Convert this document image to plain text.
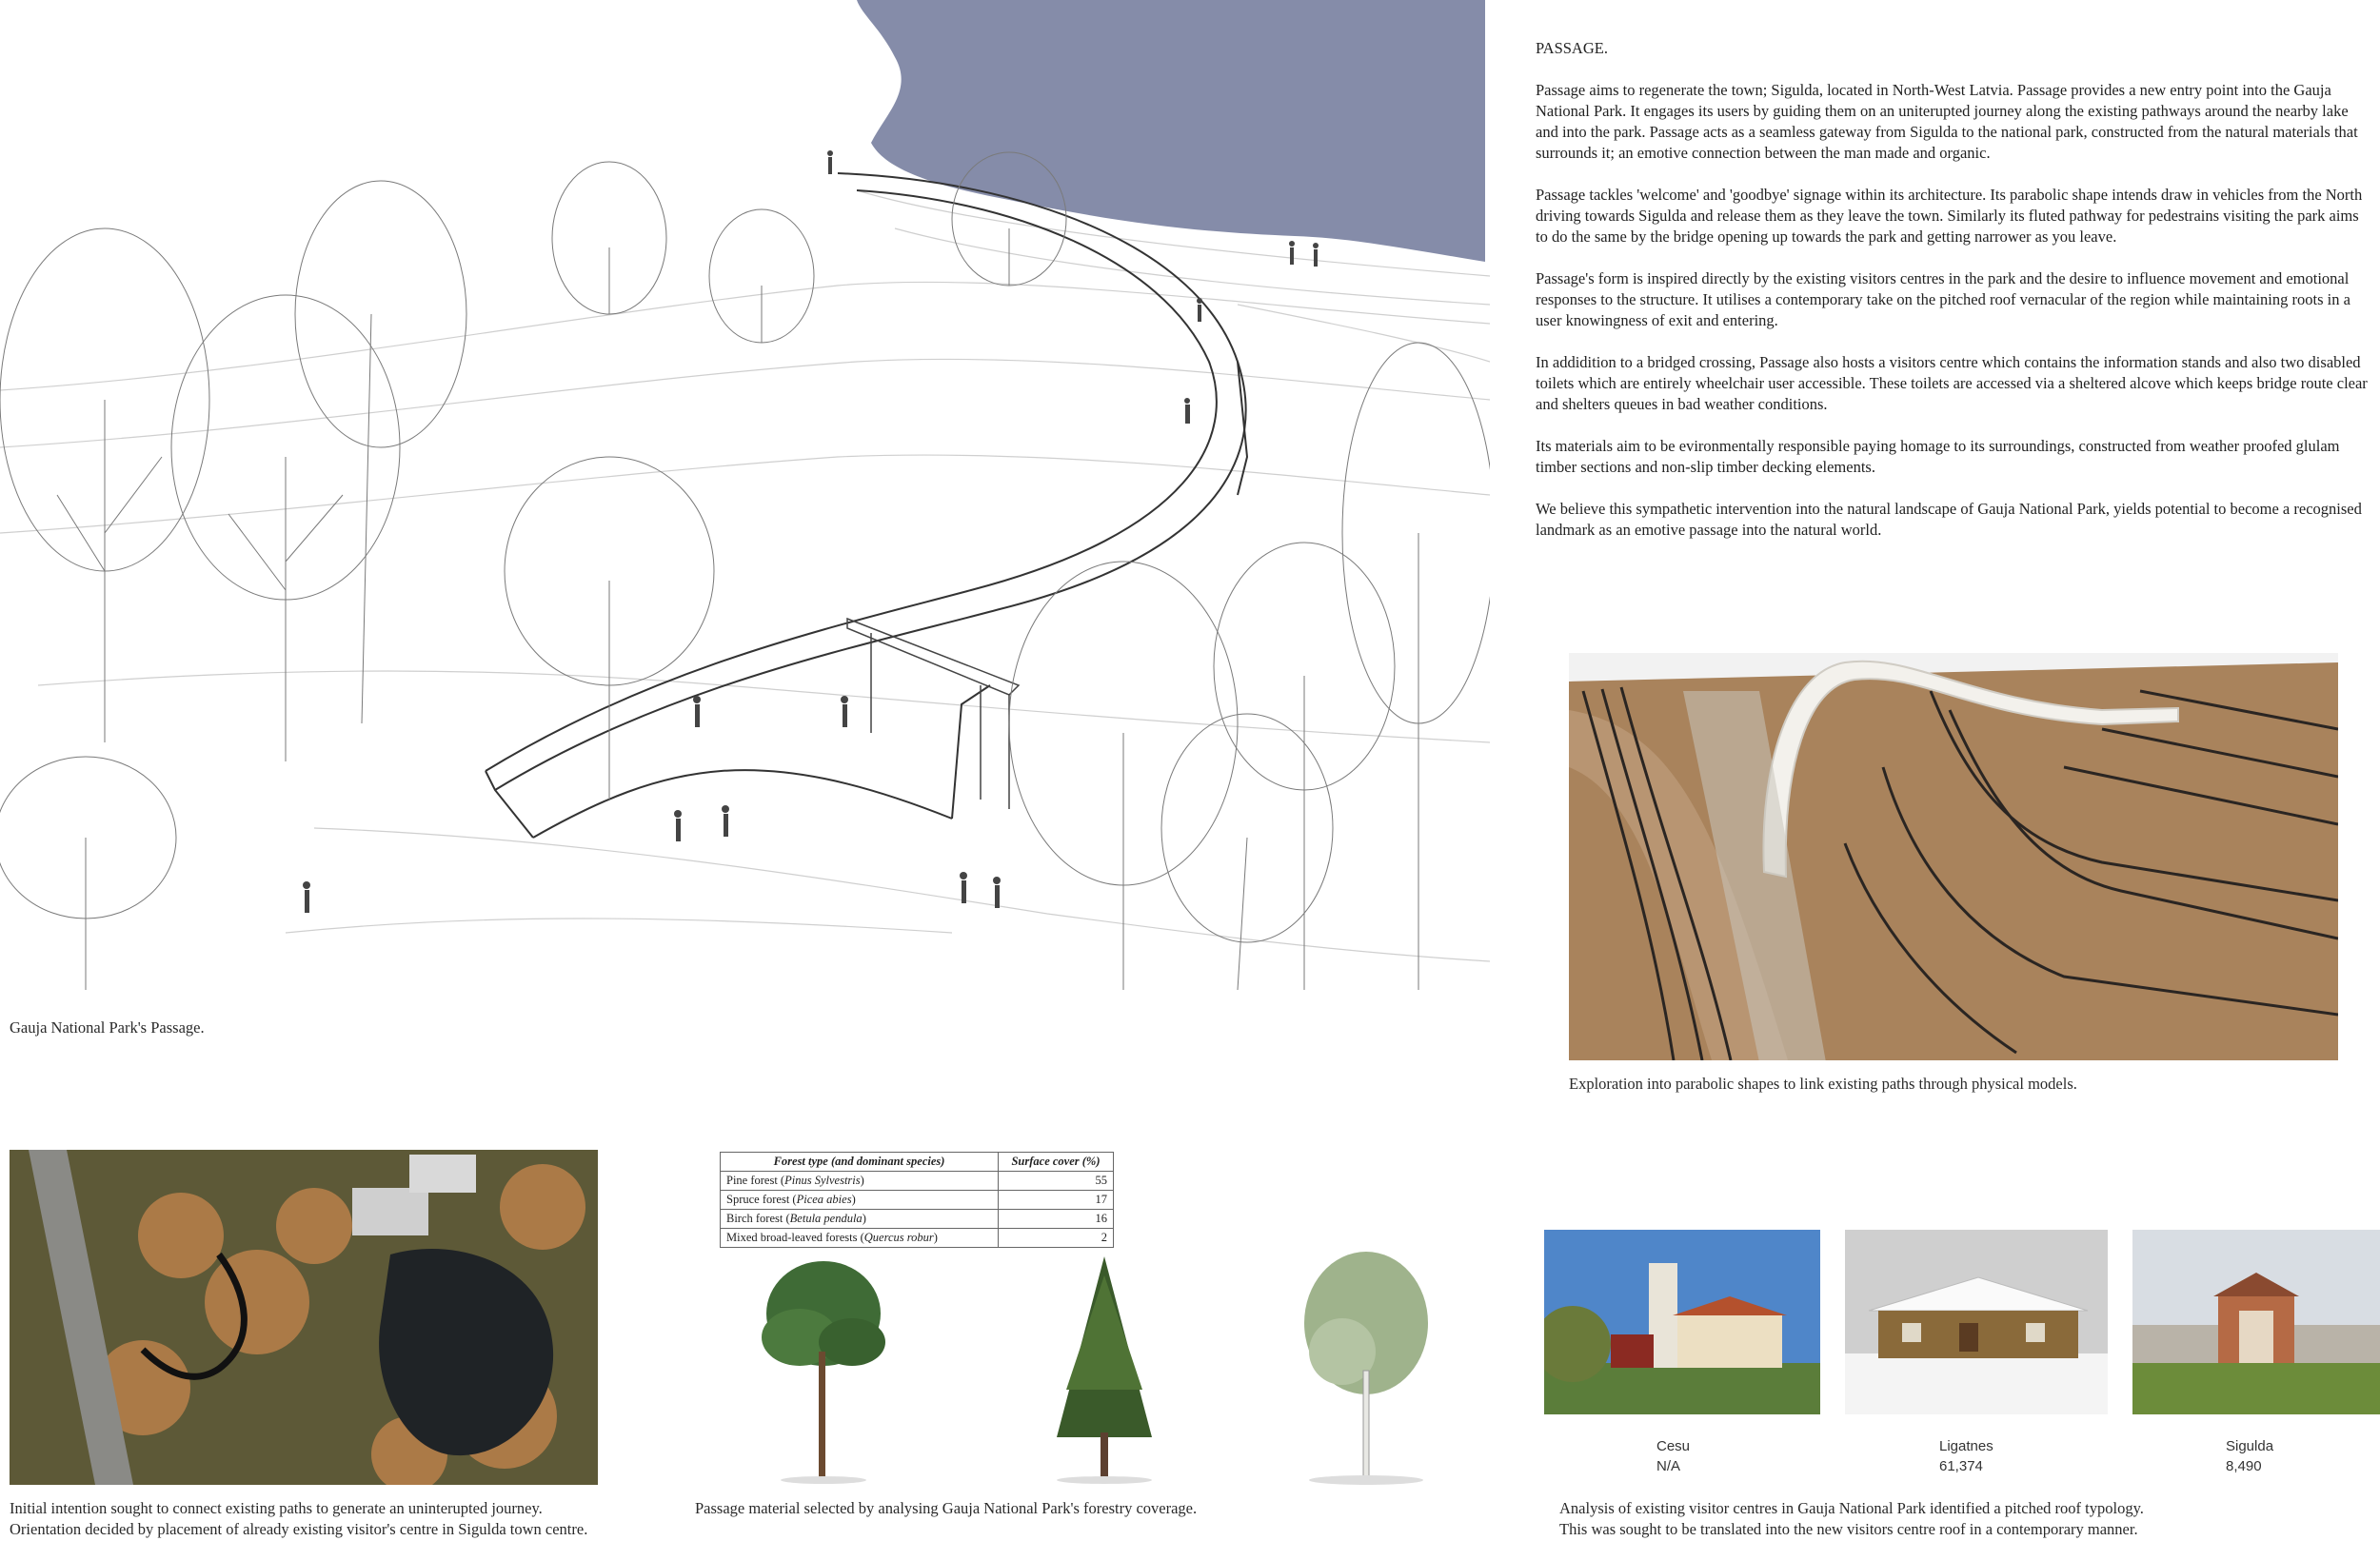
Gauja National Park's Passage.

PASSAGE.

Passage aims to regenerate the town; Sigulda, located in North-West Latvia. Passage provides a new entry point into the Gauja National Park. It engages its users by guiding them on an uniterupted journey along the existing pathways around the nearby lake and into the park. Passage acts as a seamless gateway from Sigulda to the national park, constructed from the natural materials that surrounds it; an emotive connection between the man made and organic.

Passage tackles 'welcome' and 'goodbye' signage within its architecture. Its parabolic shape intends draw in vehicles from the North driving towards Sigulda and release them as they leave the town. Similarly its fluted pathway for pedestrains visiting the park aims to do the same by the bridge opening up towards the park and getting narrower as you leave.

Passage's form is inspired directly by the existing visitors centres in the park and the desire to influence movement and emotional responses to the structure. It utilises a contemporary take on the pitched roof vernacular of the region while maintaining roots in a user knowingness of exit and entering.

In addidition to a bridged crossing, Passage also hosts a visitors centre which contains the information stands and also two disabled toilets which are entirely wheelchair user accessible. These toilets are accessed via a sheltered alcove which keeps bridge route clear and shelters queues in bad weather conditions.

Its materials aim to be evironmentally responsible paying homage to its surroundings, constructed from weather proofed glulam timber sections and non-slip timber decking elements.

We believe this sympathetic intervention into the natural landscape of Gauja National Park, yields potential to become a recognised landmark as an emotive passage into the natural world.

Exploration into parabolic shapes to link existing paths through physical models.
Initial intention sought to connect existing paths to generate an uninterupted journey.
Orientation decided by placement of already existing visitor's centre in Sigulda town centre.
Forest type (and dominant species)	Surface cover (%)
Pine forest (Pinus Sylvestris)	55
Spruce forest (Picea abies)	17
Birch forest (Betula pendula)	16
Mixed broad-leaved forests (Quercus robur)	2
Passage material selected by analysing Gauja National Park's forestry coverage.
Cesu
N/A
Ligatnes
61,374
Sigulda
8,490
Analysis of existing visitor centres in Gauja National Park identified a pitched roof typology.
This was sought to be translated into the new visitors centre roof in a contemporary manner.
